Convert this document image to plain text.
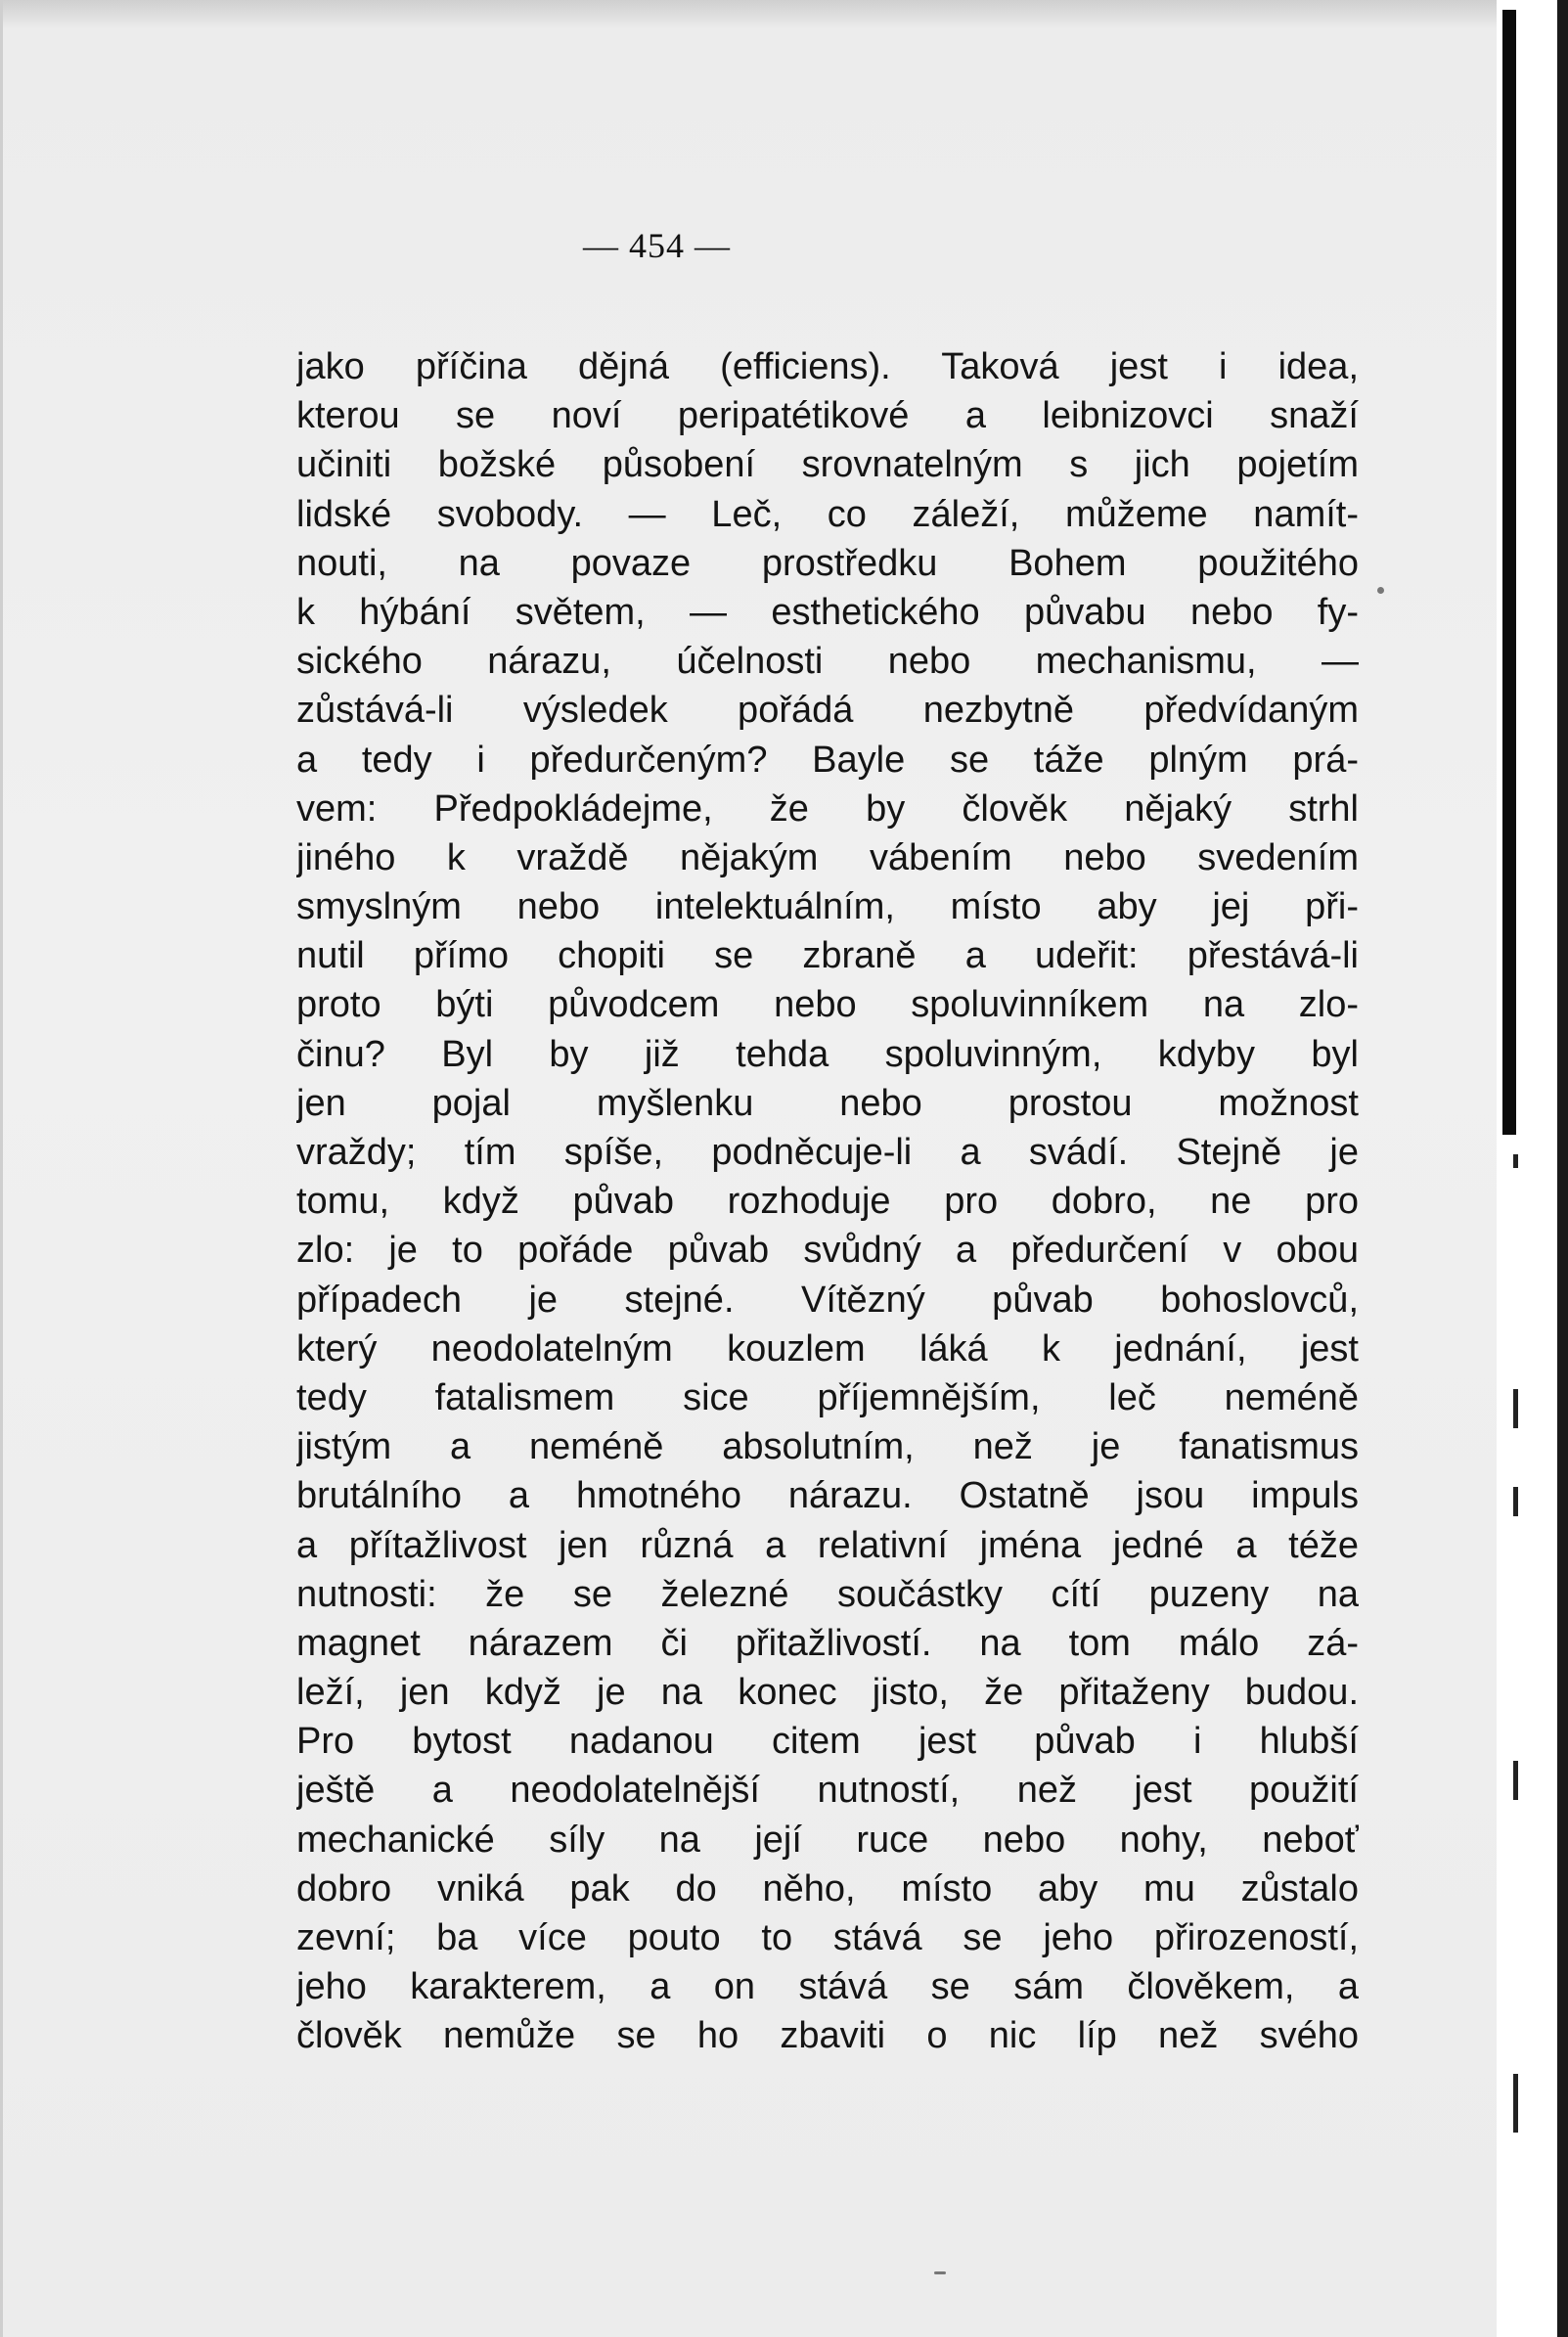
— 454 —
jako příčina dějná (efficiens). Taková jest i idea,
kterou se noví peripatétikové a leibnizovci snaží
učiniti božské působení srovnatelným s jich pojetím
lidské svobody. — Leč, co záleží, můžeme namít-
nouti, na povaze prostředku Bohem použitého
k hýbání světem, — esthetického půvabu nebo fy-
sického nárazu, účelnosti nebo mechanismu, —
zůstává-li výsledek pořádá nezbytně předvídaným
a tedy i předurčeným? Bayle se táže plným prá-
vem: Předpokládejme, že by člověk nějaký strhl
jiného k vraždě nějakým vábením nebo svedením
smyslným nebo intelektuálním, místo aby jej při-
nutil přímo chopiti se zbraně a udeřit: přestává-li
proto býti původcem nebo spoluvinníkem na zlo-
činu? Byl by již tehda spoluvinným, kdyby byl
jen pojal myšlenku nebo prostou možnost
vraždy; tím spíše, podněcuje-li a svádí. Stejně je
tomu, když půvab rozhoduje pro dobro, ne pro
zlo: je to pořáde půvab svůdný a předurčení v obou
případech je stejné. Vítězný půvab bohoslovců,
který neodolatelným kouzlem láká k jednání, jest
tedy fatalismem sice příjemnějším, leč neméně
jistým a neméně absolutním, než je fanatismus
brutálního a hmotného nárazu. Ostatně jsou impuls
a přítažlivost jen různá a relativní jména jedné a téže
nutnosti: že se železné součástky cítí puzeny na
magnet nárazem či přitažlivostí. na tom málo zá-
leží, jen když je na konec jisto, že přitaženy budou.
Pro bytost nadanou citem jest půvab i hlubší
ještě a neodolatelnější nutností, než jest použití
mechanické síly na její ruce nebo nohy, neboť
dobro vniká pak do něho, místo aby mu zůstalo
zevní; ba více pouto to stává se jeho přirozeností,
jeho karakterem, a on stává se sám člověkem, a
člověk nemůže se ho zbaviti o nic líp než svého
